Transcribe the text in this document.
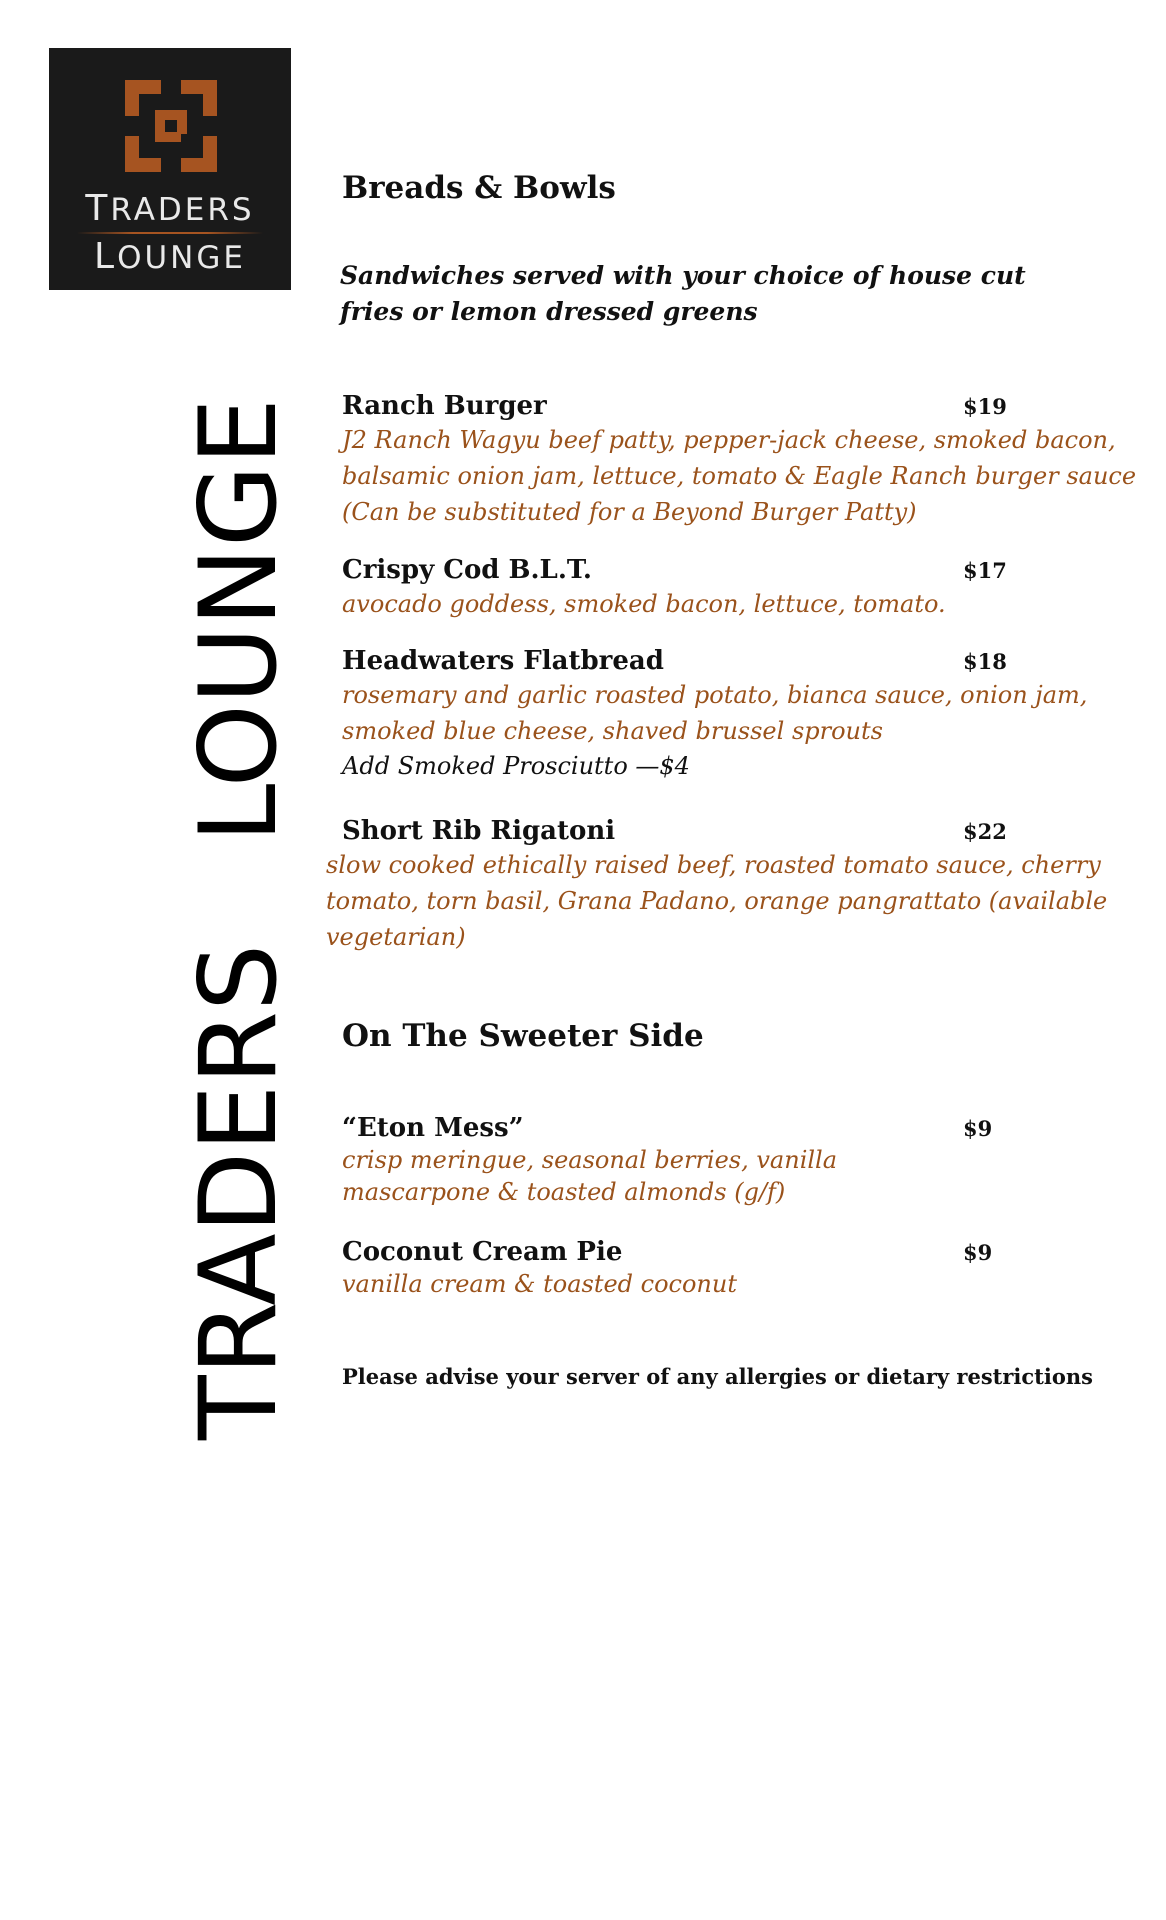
TRADERS
LOUNGE
TRADERS   LOUNGE
Breads & Bowls
Sandwiches served with your choice of house cut fries or lemon dressed greens
Ranch Burger	$19
J2 Ranch Wagyu beef patty, pepper-jack cheese, smoked bacon, balsamic onion jam, lettuce, tomato & Eagle Ranch burger sauce (Can be substituted for a Beyond Burger Patty)
Crispy Cod B.L.T.	$17
avocado goddess, smoked bacon, lettuce, tomato.
Headwaters Flatbread	$18
rosemary and garlic roasted potato, bianca sauce, onion jam, smoked blue cheese, shaved brussel sprouts
Add Smoked Prosciutto —$4
Short Rib Rigatoni	$22
slow cooked ethically raised beef, roasted tomato sauce, cherry tomato, torn basil, Grana Padano, orange pangrattato (available vegetarian)
On The Sweeter Side
“Eton Mess”	$9
crisp meringue, seasonal berries, vanilla mascarpone & toasted almonds (g/f)
Coconut Cream Pie	$9
vanilla cream & toasted coconut
Please advise your server of any allergies or dietary restrictions
